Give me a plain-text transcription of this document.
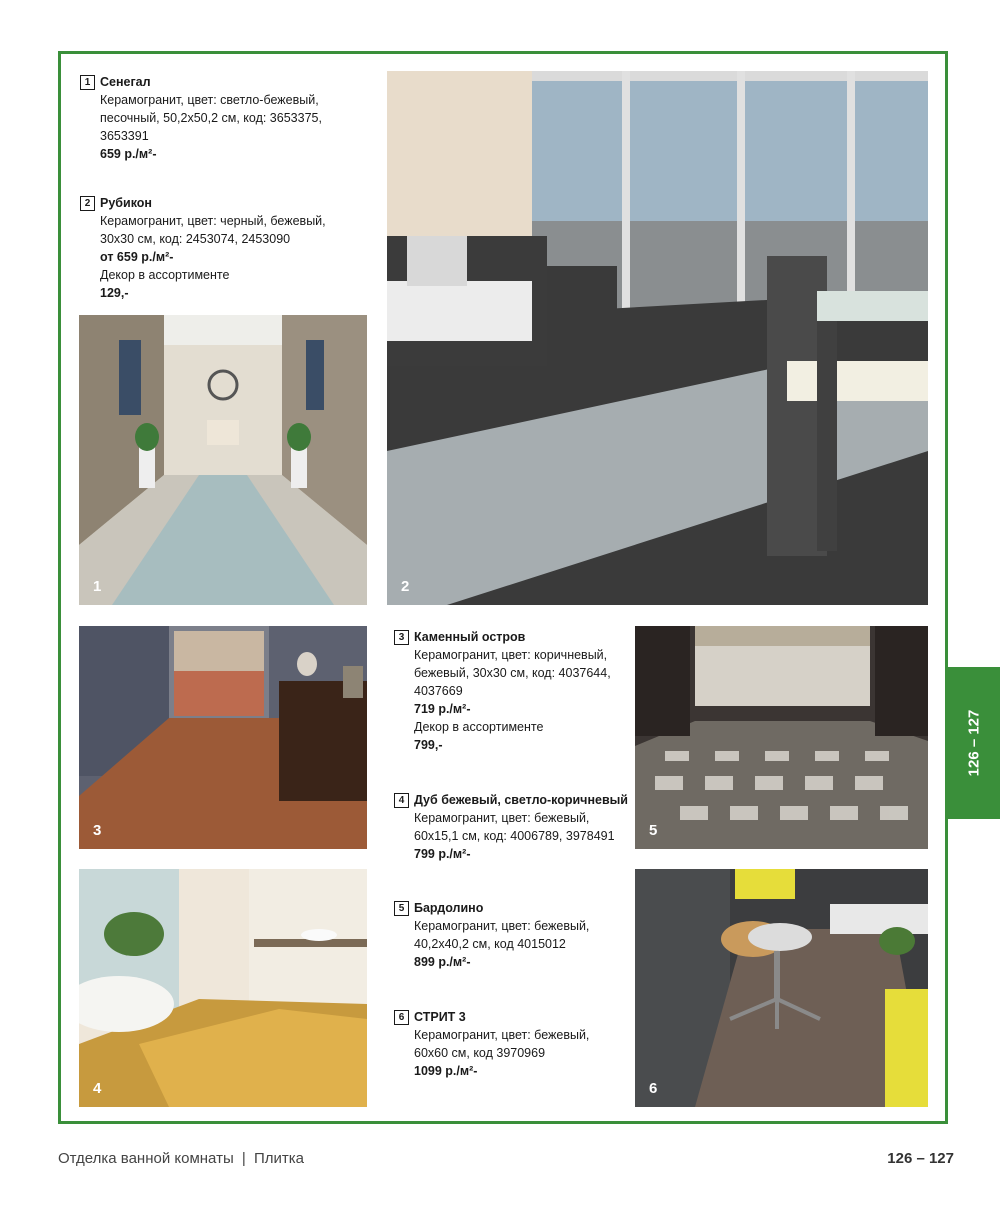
1 Сенегал
Керамогранит, цвет: светло-бежевый, песочный, 50,2х50,2 см, код: 3653375, 3653391
659 р./м²-
2 Рубикон
Керамогранит, цвет: черный, бежевый, 30х30 см, код: 2453074, 2453090
от 659 р./м²-
Декор в ассортименте
129,-
1	2
3
4
5
6
3 Каменный остров
Керамогранит, цвет: коричневый, бежевый, 30х30 см, код: 4037644, 4037669
719 р./м²-
Декор в ассортименте
799,-
4 Дуб бежевый, светло-коричневый
Керамогранит, цвет: бежевый, 60х15,1 см, код: 4006789, 3978491
799 р./м²-
5 Бардолино
Керамогранит, цвет: бежевый, 40,2х40,2 см, код 4015012
899 р./м²-
6 СТРИТ 3
Керамогранит, цвет: бежевый, 60х60 см, код 3970969
1099 р./м²-
126 – 127
Отделка ванной комнаты | Плитка	126 – 127
